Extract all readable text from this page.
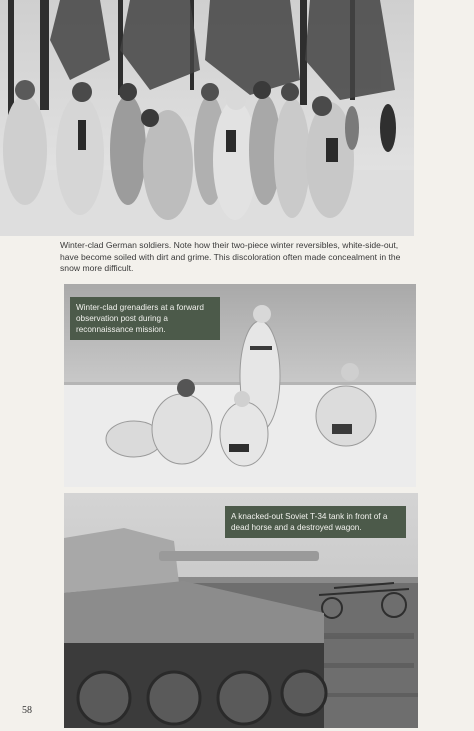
Winter-clad German soldiers. Note how their two-piece winter reversibles, white-side-out, have become soiled with dirt and grime. This discoloration often made concealment in the snow more difficult.
Winter-clad grenadiers at a forward observation post during a reconnaissance mission.
A knacked-out Soviet T-34 tank in front of a dead horse and a destroyed wagon.
58
